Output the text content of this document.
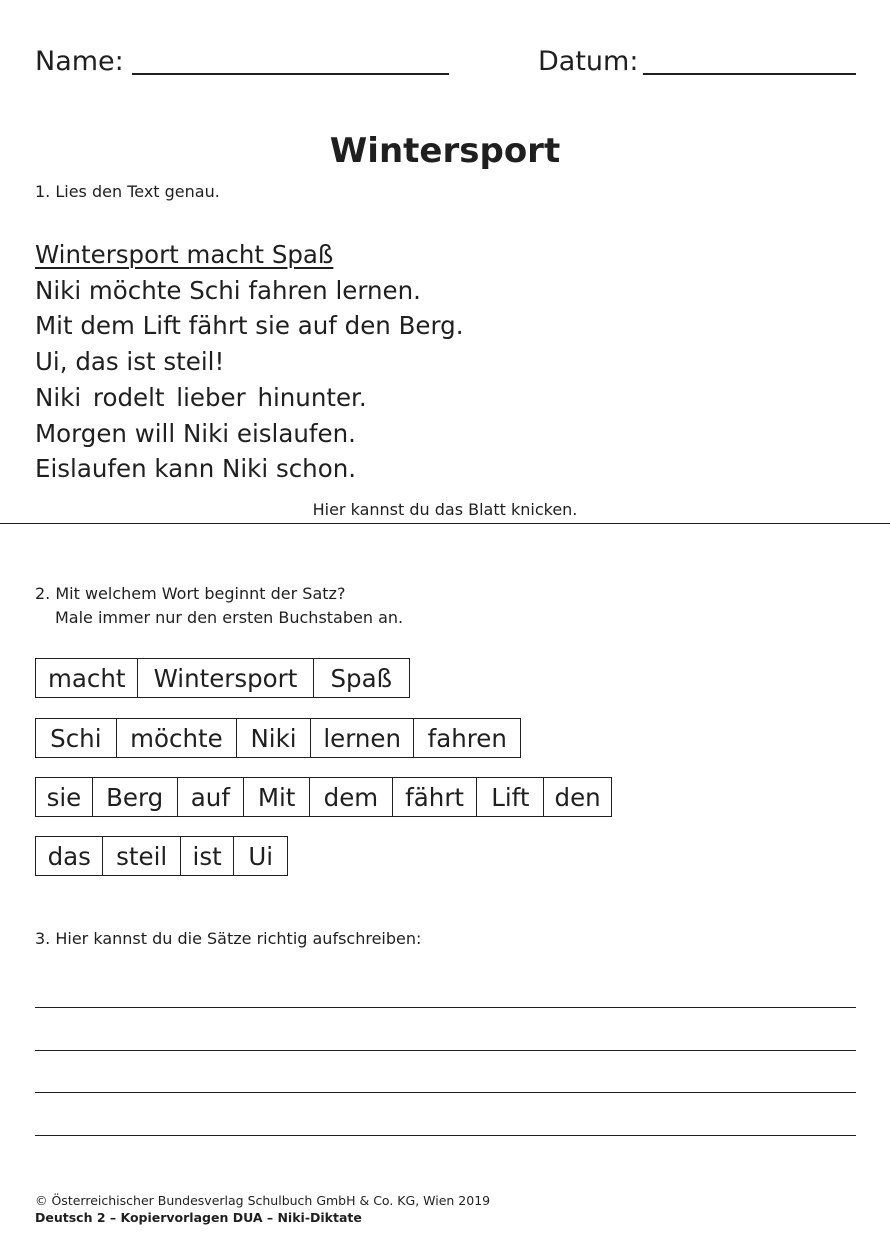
Name:	Datum:
Wintersport
1. Lies den Text genau.
Wintersport macht Spaß
Niki möchte Schi fahren lernen.
Mit dem Lift fährt sie auf den Berg.
Ui, das ist steil!
Niki rodelt lieber hinunter.
Morgen will Niki eislaufen.
Eislaufen kann Niki schon.
Hier kannst du das Blatt knicken.
2. Mit welchem Wort beginnt der Satz?
Male immer nur den ersten Buchstaben an.
macht	Wintersport	Spaß
Schi	möchte	Niki	lernen	fahren
sie	Berg	auf	Mit	dem	fährt	Lift	den
das	steil	ist	Ui
3. Hier kannst du die Sätze richtig aufschreiben:
© Österreichischer Bundesverlag Schulbuch GmbH & Co. KG, Wien 2019
Deutsch 2 – Kopiervorlagen DUA – Niki-Diktate
